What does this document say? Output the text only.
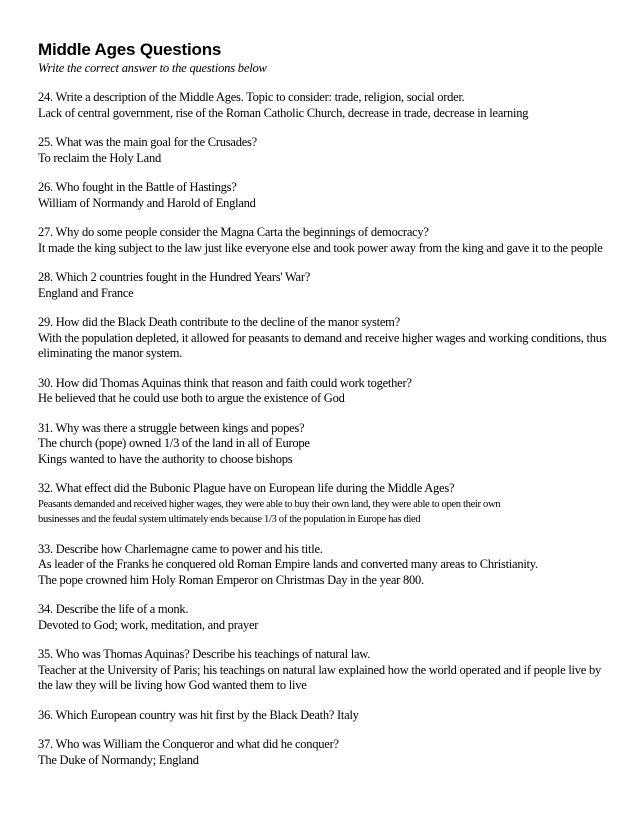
Middle Ages Questions
Write the correct answer to the questions below
24. Write a description of the Middle Ages. Topic to consider: trade, religion, social order.
Lack of central government, rise of the Roman Catholic Church, decrease in trade, decrease in learning
25. What was the main goal for the Crusades?
To reclaim the Holy Land
26. Who fought in the Battle of Hastings?
William of Normandy and Harold of England
27. Why do some people consider the Magna Carta the beginnings of democracy?
It made the king subject to the law just like everyone else and took power away from the king and gave it to the people
28. Which 2 countries fought in the Hundred Years' War?
England and France
29. How did the Black Death contribute to the decline of the manor system?
With the population depleted, it allowed for peasants to demand and receive higher wages and working conditions, thus eliminating the manor system.
30. How did Thomas Aquinas think that reason and faith could work together?
He believed that he could use both to argue the existence of God
31. Why was there a struggle between kings and popes?
The church (pope) owned 1/3 of the land in all of Europe
Kings wanted to have the authority to choose bishops
32. What effect did the Bubonic Plague have on European life during the Middle Ages?
Peasants demanded and received higher wages, they were able to buy their own land, they were able to open their own
businesses and the feudal system ultimately ends because 1/3 of the population in Europe has died
33. Describe how Charlemagne came to power and his title.
As leader of the Franks he conquered old Roman Empire lands and converted many areas to Christianity.
The pope crowned him Holy Roman Emperor on Christmas Day in the year 800.
34. Describe the life of a monk.
Devoted to God; work, meditation, and prayer
35. Who was Thomas Aquinas? Describe his teachings of natural law.
Teacher at the University of Paris; his teachings on natural law explained how the world operated and if people live by the law they will be living how God wanted them to live
36. Which European country was hit first by the Black Death? Italy
37. Who was William the Conqueror and what did he conquer?
The Duke of Normandy; England
